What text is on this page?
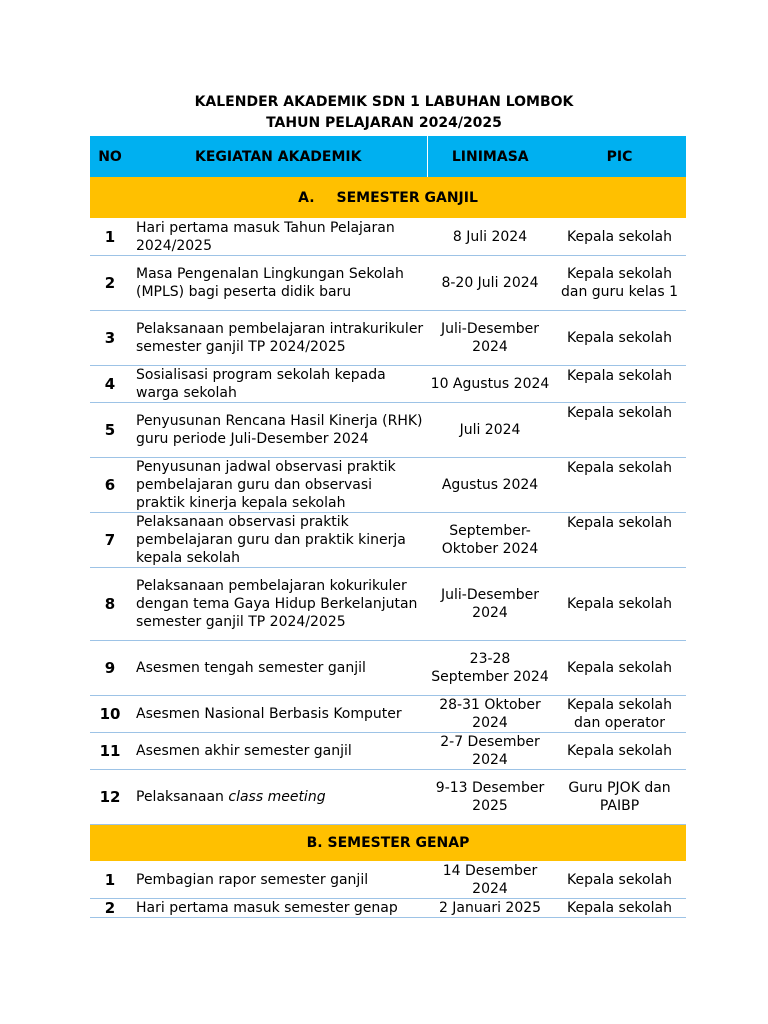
KALENDER AKADEMIK SDN 1 LABUHAN LOMBOK
TAHUN PELAJARAN 2024/2025
NO	KEGIATAN AKADEMIK	LINIMASA	PIC
A. SEMESTER GANJIL			
1	Hari pertama masuk Tahun Pelajaran 2024/2025	8 Juli 2024	Kepala sekolah
2	Masa Pengenalan Lingkungan Sekolah (MPLS) bagi peserta didik baru	8-20 Juli 2024	Kepala sekolah dan guru kelas 1
3	Pelaksanaan pembelajaran intrakurikuler semester ganjil TP 2024/2025	Juli-Desember 2024	Kepala sekolah
4	Sosialisasi program sekolah kepada warga sekolah	10 Agustus 2024	Kepala sekolah
5	Penyusunan Rencana Hasil Kinerja (RHK) guru periode Juli-Desember 2024	Juli 2024	Kepala sekolah
6	Penyusunan jadwal observasi praktik pembelajaran guru dan observasi praktik kinerja kepala sekolah	Agustus 2024	Kepala sekolah
7	Pelaksanaan observasi praktik pembelajaran guru dan praktik kinerja kepala sekolah	September-Oktober 2024	Kepala sekolah
8	Pelaksanaan pembelajaran kokurikuler dengan tema Gaya Hidup Berkelanjutan semester ganjil TP 2024/2025	Juli-Desember 2024	Kepala sekolah
9	Asesmen tengah semester ganjil	23-28 September 2024	Kepala sekolah
10	Asesmen Nasional Berbasis Komputer	28-31 Oktober 2024	Kepala sekolah dan operator
11	Asesmen akhir semester ganjil	2-7 Desember 2024	Kepala sekolah
12	Pelaksanaan class meeting	9-13 Desember 2025	Guru PJOK dan PAIBP
B. SEMESTER GENAP			
1	Pembagian rapor semester ganjil	14 Desember 2024	Kepala sekolah
2	Hari pertama masuk semester genap	2 Januari 2025	Kepala sekolah
